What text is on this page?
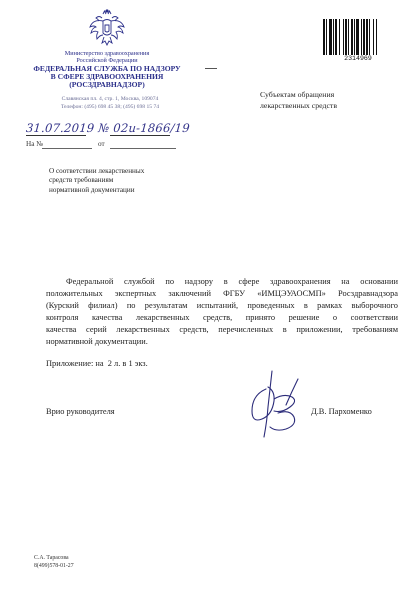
Министерство здравоохранения
Российской Федерации
ФЕДЕРАЛЬНАЯ СЛУЖБА ПО НАДЗОРУ
В СФЕРЕ ЗДРАВООХРАНЕНИЯ
(РОСЗДРАВНАДЗОР)
Славянская пл. 4, стр. 1, Москва, 109074
Телефон: (495) 698 45 38; (495) 698 15 74
2314969
Субъектам обращения
лекарственных средств
31.07.2019 № 02и-1866/19
На №	от
О соответствии лекарственных
средств требованиям
нормативной документации
Федеральной службой по надзору в сфере здравоохранения на основании
положительных экспертных заключений ФГБУ «ИМЦЭУАОСМП» Росздравнадзора
(Курский филиал) по результатам испытаний, проведенных в рамках выборочного
контроля качества лекарственных средств, принято решение о соответствии
качества серий лекарственных средств, перечисленных в приложении, требованиям
нормативной документации.
Приложение: на  2 л. в 1 экз.
Врио руководителя	Д.В. Пархоменко
С.А. Тарасова
8(499)578-01-27
